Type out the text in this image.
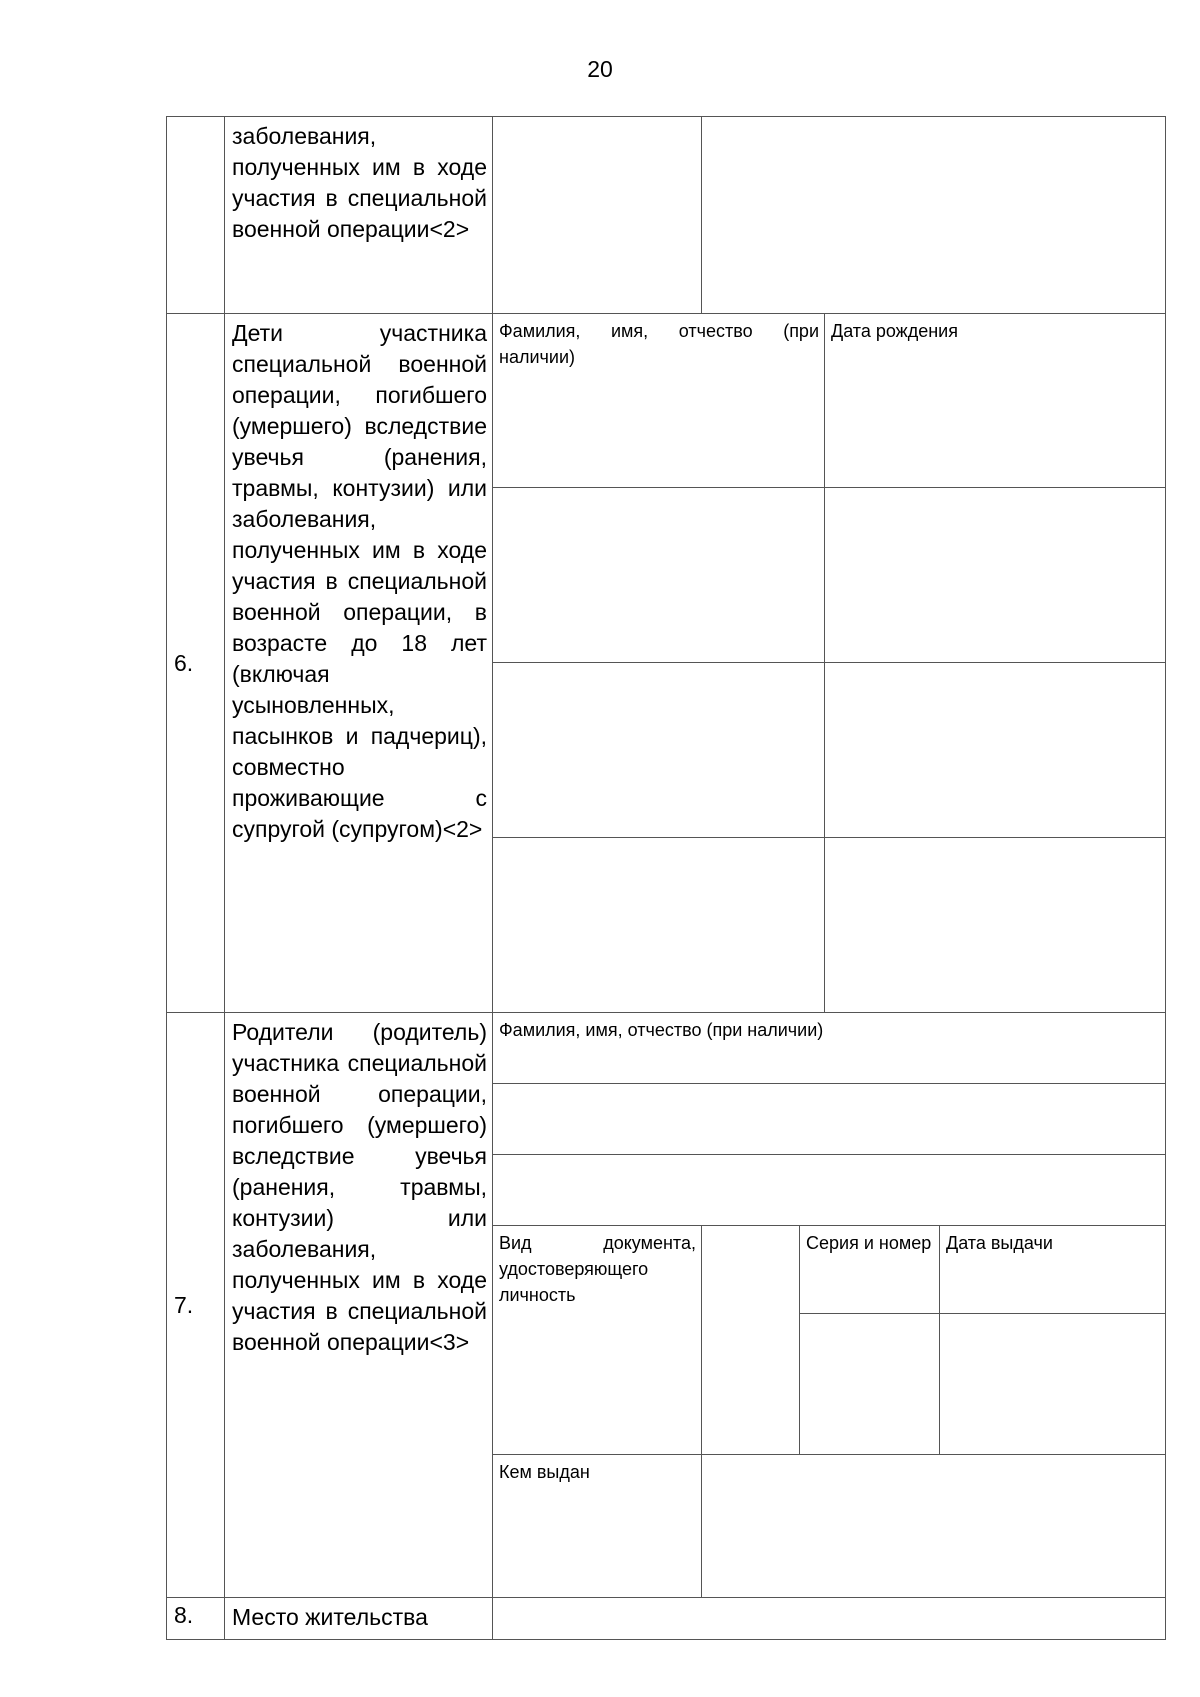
20
заболевания, полученных им в ходе участия в специальной военной операции<2>
6.
Дети участника специальной военной операции, погибшего (умершего) вследствие увечья (ранения, травмы, контузии) или заболевания, полученных им в ходе участия в специальной военной операции, в возрасте до 18 лет (включая усыновленных, пасынков и падчериц), совместно проживающие с супругой (супругом)<2>
Фамилия, имя, отчество (при наличии)
Дата рождения
7.
Родители (родитель) участника специальной военной операции, погибшего (умершего) вследствие увечья (ранения, травмы, контузии) или заболевания, полученных им в ходе участия в специальной военной операции<3>
Фамилия, имя, отчество (при наличии)
Вид документа, удостоверяющего личность
Серия и номер Дата выдачи
Кем выдан
8.	Место жительства
